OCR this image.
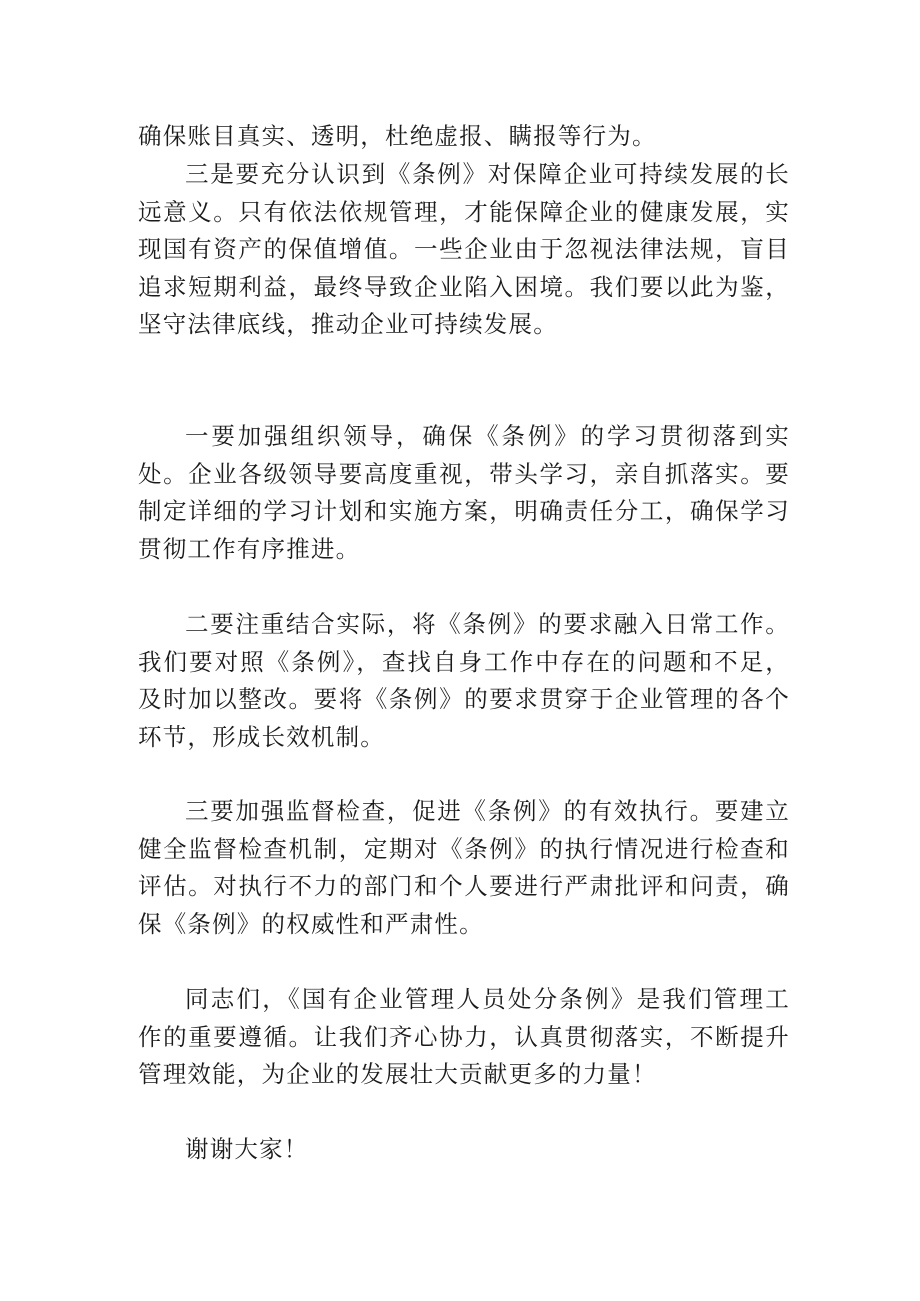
确保账目真实、透明，杜绝虚报、瞒报等行为。

三是要充分认识到《条例》对保障企业可持续发展的长远意义。只有依法依规管理，才能保障企业的健康发展，实现国有资产的保值增值。一些企业由于忽视法律法规，盲目追求短期利益，最终导致企业陷入困境。我们要以此为鉴，坚守法律底线，推动企业可持续发展。

一要加强组织领导，确保《条例》的学习贯彻落到实处。企业各级领导要高度重视，带头学习，亲自抓落实。要制定详细的学习计划和实施方案，明确责任分工，确保学习贯彻工作有序推进。

二要注重结合实际，将《条例》的要求融入日常工作。我们要对照《条例》，查找自身工作中存在的问题和不足，及时加以整改。要将《条例》的要求贯穿于企业管理的各个环节，形成长效机制。

三要加强监督检查，促进《条例》的有效执行。要建立健全监督检查机制，定期对《条例》的执行情况进行检查和评估。对执行不力的部门和个人要进行严肃批评和问责，确保《条例》的权威性和严肃性。

同志们，《国有企业管理人员处分条例》是我们管理工作的重要遵循。让我们齐心协力，认真贯彻落实，不断提升管理效能，为企业的发展壮大贡献更多的力量！

谢谢大家！
